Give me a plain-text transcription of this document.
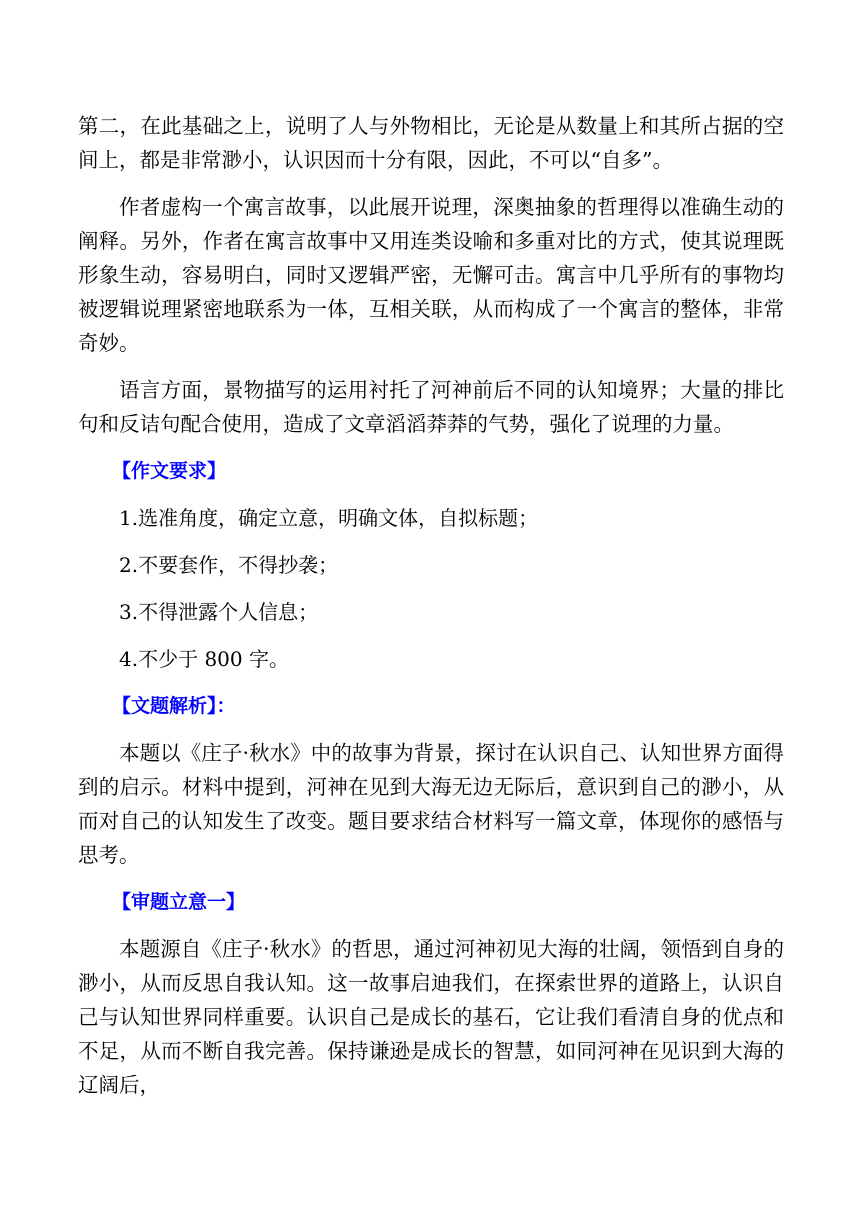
第二，在此基础之上，说明了人与外物相比，无论是从数量上和其所占据的空间上，都是非常渺小，认识因而十分有限，因此，不可以“自多”。

作者虚构一个寓言故事，以此展开说理，深奥抽象的哲理得以准确生动的阐释。另外，作者在寓言故事中又用连类设喻和多重对比的方式，使其说理既形象生动，容易明白，同时又逻辑严密，无懈可击。寓言中几乎所有的事物均被逻辑说理紧密地联系为一体，互相关联，从而构成了一个寓言的整体，非常奇妙。

语言方面，景物描写的运用衬托了河神前后不同的认知境界；大量的排比句和反诘句配合使用，造成了文章滔滔莽莽的气势，强化了说理的力量。

【作文要求】
1.选准角度，确定立意，明确文体，自拟标题；
2.不要套作，不得抄袭；
3.不得泄露个人信息；
4.不少于 800 字。
【文题解析】：

本题以《庄子·秋水》中的故事为背景，探讨在认识自己、认知世界方面得到的启示。材料中提到，河神在见到大海无边无际后，意识到自己的渺小，从而对自己的认知发生了改变。题目要求结合材料写一篇文章，体现你的感悟与思考。

【审题立意一】

本题源自《庄子·秋水》的哲思，通过河神初见大海的壮阔，领悟到自身的渺小，从而反思自我认知。这一故事启迪我们，在探索世界的道路上，认识自己与认知世界同样重要。认识自己是成长的基石，它让我们看清自身的优点和不足，从而不断自我完善。保持谦逊是成长的智慧，如同河神在见识到大海的辽阔后，
